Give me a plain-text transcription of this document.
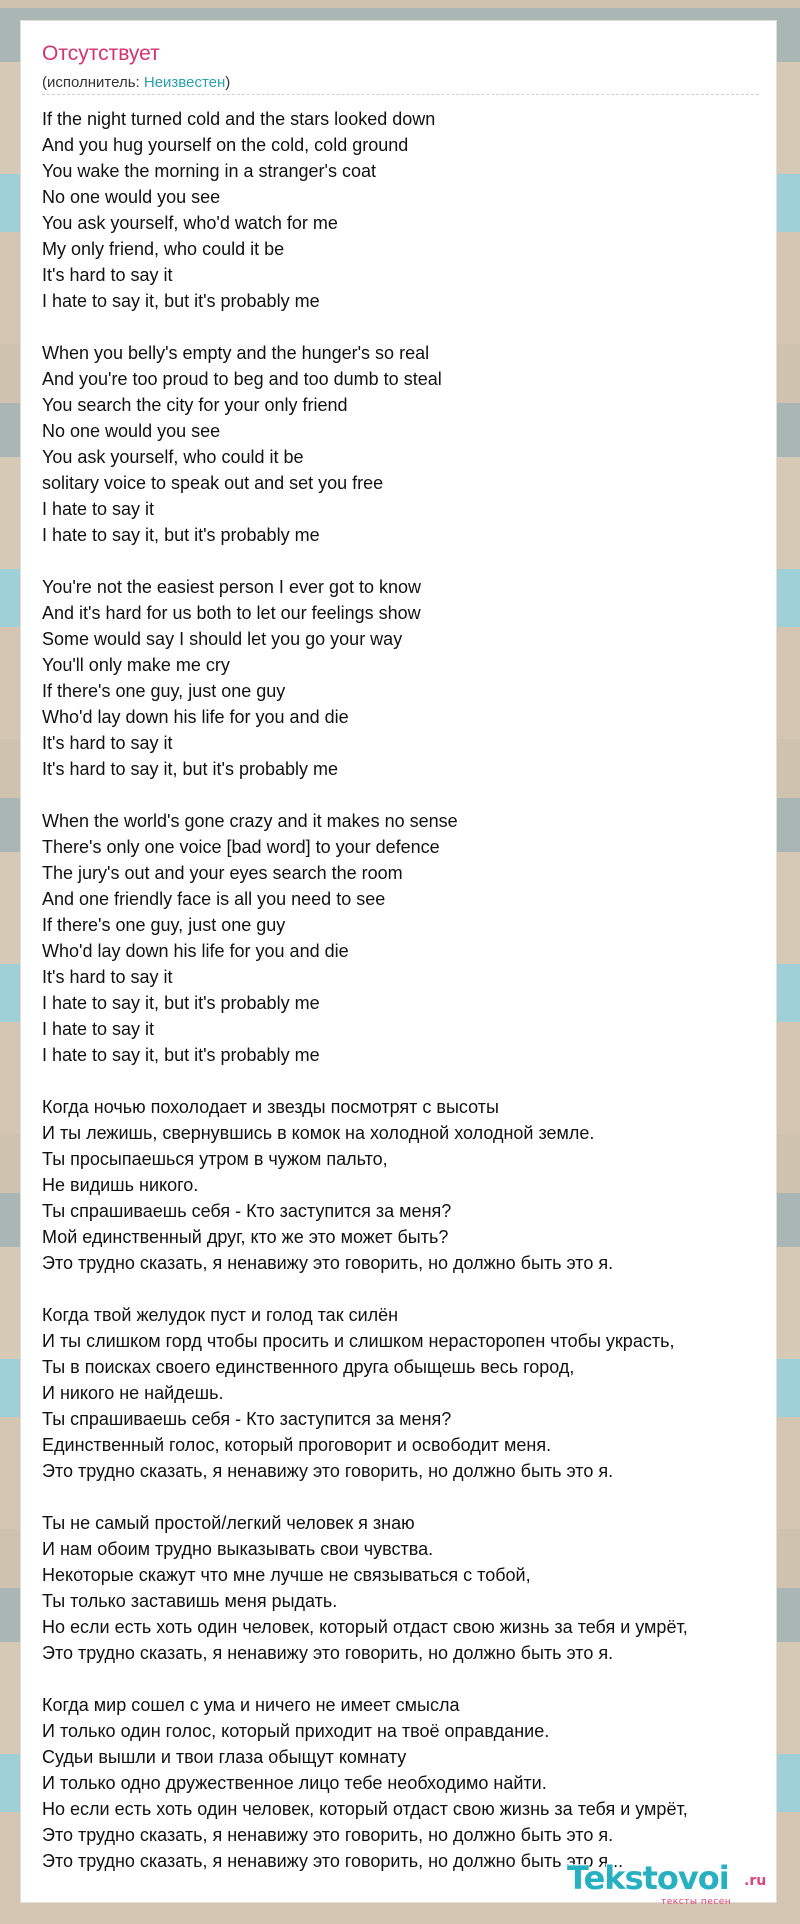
Отсутствует
(исполнитель: Неизвестен)
If the night turned cold and the stars looked down
And you hug yourself on the cold, cold ground
You wake the morning in a stranger's coat
No one would you see
You ask yourself, who'd watch for me
My only friend, who could it be
It's hard to say it
I hate to say it, but it's probably me
When you belly's empty and the hunger's so real
And you're too proud to beg and too dumb to steal
You search the city for your only friend
No one would you see
You ask yourself, who could it be
solitary voice to speak out and set you free
I hate to say it
I hate to say it, but it's probably me
You're not the easiest person I ever got to know
And it's hard for us both to let our feelings show
Some would say I should let you go your way
You'll only make me cry
If there's one guy, just one guy
Who'd lay down his life for you and die
It's hard to say it
It's hard to say it, but it's probably me
When the world's gone crazy and it makes no sense
There's only one voice [bad word] to your defence
The jury's out and your eyes search the room
And one friendly face is all you need to see
If there's one guy, just one guy
Who'd lay down his life for you and die
It's hard to say it
I hate to say it, but it's probably me
I hate to say it
I hate to say it, but it's probably me
Когда ночью похолодает и звезды посмотрят с высоты
И ты лежишь, свернувшись в комок на холодной холодной земле.
Ты просыпаешься утром в чужом пальто,
Не видишь никого.
Ты спрашиваешь себя - Кто заступится за меня?
Мой единственный друг, кто же это может быть?
Это трудно сказать, я ненавижу это говорить, но должно быть это я.
Когда твой желудок пуст и голод так силён
И ты слишком горд чтобы просить и слишком нерасторопен чтобы украсть,
Ты в поисках своего единственного друга обыщешь весь город,
И никого не найдешь.
Ты спрашиваешь себя - Кто заступится за меня?
Единственный голос, который проговорит и освободит меня.
Это трудно сказать, я ненавижу это говорить, но должно быть это я.
Ты не самый простой/легкий человек я знаю
И нам обоим трудно выказывать свои чувства.
Некоторые скажут что мне лучше не связываться с тобой,
Ты только заставишь меня рыдать.
Но если есть хоть один человек, который отдаст свою жизнь за тебя и умрёт,
Это трудно сказать, я ненавижу это говорить, но должно быть это я.
Когда мир сошел с ума и ничего не имеет смысла
И только один голос, который приходит на твоё оправдание.
Судьи вышли и твои глаза обыщут комнату
И только одно дружественное лицо тебе необходимо найти.
Но если есть хоть один человек, который отдаст свою жизнь за тебя и умрёт,
Это трудно сказать, я ненавижу это говорить, но должно быть это я.
Это трудно сказать, я ненавижу это говорить, но должно быть это я...
Tekstovoi .ru
тексты песен
